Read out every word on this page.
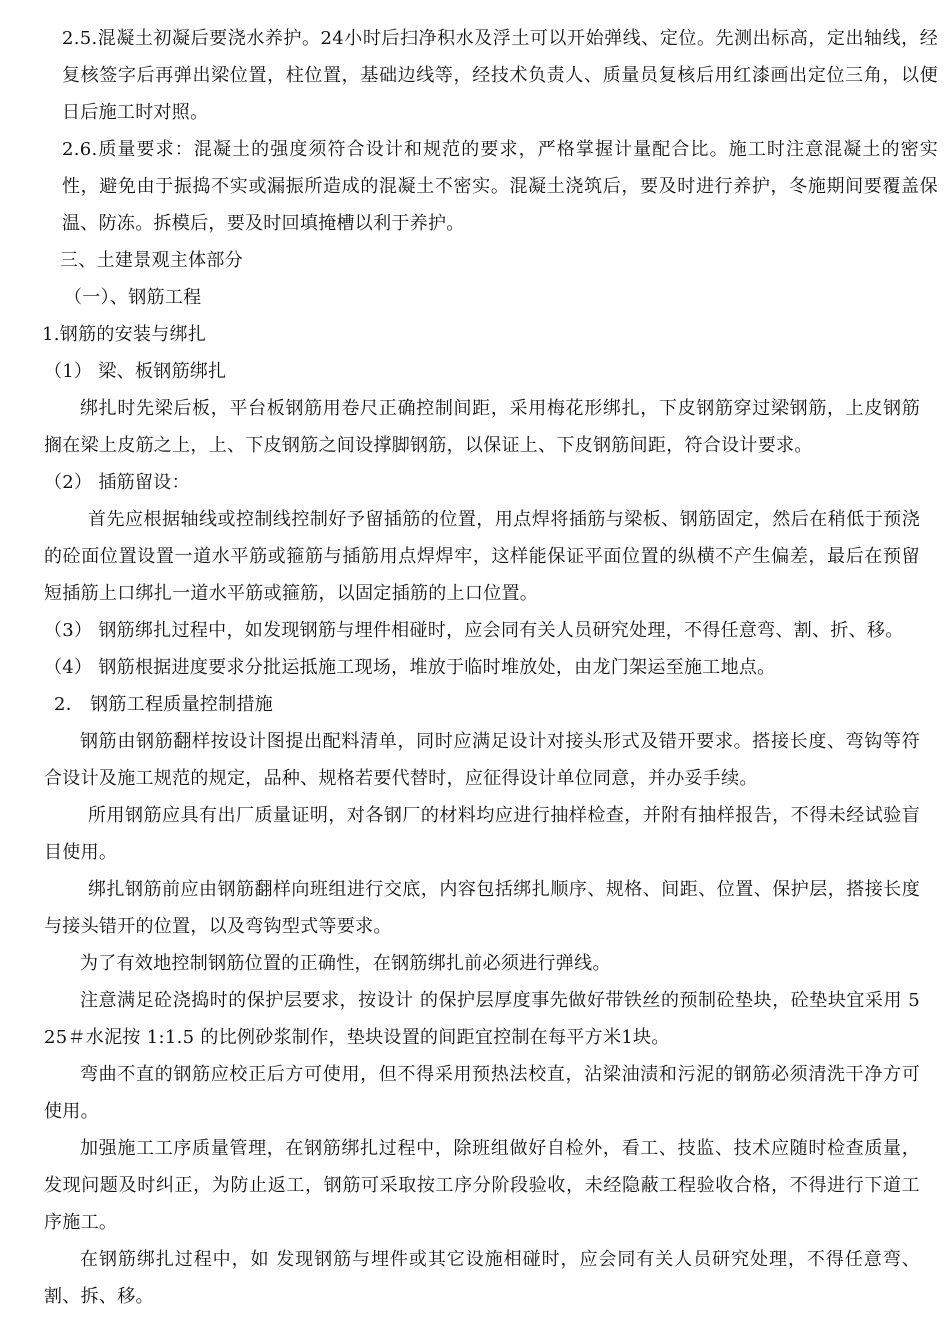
2.5.混凝土初凝后要浇水养护。24小时后扫净积水及浮土可以开始弹线、定位。先测出标高，定出轴线，经复核签字后再弹出梁位置，柱位置，基础边线等，经技术负责人、质量员复核后用红漆画出定位三角，以便日后施工时对照。

2.6.质量要求：混凝土的强度须符合设计和规范的要求，严格掌握计量配合比。施工时注意混凝土的密实性，避免由于振捣不实或漏振所造成的混凝土不密实。混凝土浇筑后，要及时进行养护，冬施期间要覆盖保温、防冻。拆模后，要及时回填掩槽以利于养护。

三、土建景观主体部分

（一）、钢筋工程

1.钢筋的安装与绑扎

（1） 梁、板钢筋绑扎

绑扎时先梁后板，平台板钢筋用卷尺正确控制间距，采用梅花形绑扎，下皮钢筋穿过梁钢筋，上皮钢筋搁在梁上皮筋之上，上、下皮钢筋之间设撑脚钢筋，以保证上、下皮钢筋间距，符合设计要求。

（2） 插筋留设：

首先应根据轴线或控制线控制好予留插筋的位置，用点焊将插筋与梁板、钢筋固定，然后在稍低于预浇的砼面位置设置一道水平筋或箍筋与插筋用点焊焊牢，这样能保证平面位置的纵横不产生偏差，最后在预留短插筋上口绑扎一道水平筋或箍筋，以固定插筋的上口位置。

（3） 钢筋绑扎过程中，如发现钢筋与埋件相碰时，应会同有关人员研究处理，不得任意弯、割、折、移。

（4） 钢筋根据进度要求分批运抵施工现场，堆放于临时堆放处，由龙门架运至施工地点。

2． 钢筋工程质量控制措施

钢筋由钢筋翻样按设计图提出配料清单，同时应满足设计对接头形式及错开要求。搭接长度、弯钩等符合设计及施工规范的规定，品种、规格若要代替时，应征得设计单位同意，并办妥手续。

所用钢筋应具有出厂质量证明，对各钢厂的材料均应进行抽样检查，并附有抽样报告，不得未经试验盲目使用。

绑扎钢筋前应由钢筋翻样向班组进行交底，内容包括绑扎顺序、规格、间距、位置、保护层，搭接长度与接头错开的位置，以及弯钩型式等要求。

为了有效地控制钢筋位置的正确性，在钢筋绑扎前必须进行弹线。

注意满足砼浇捣时的保护层要求，按设计 的保护层厚度事先做好带铁丝的预制砼垫块，砼垫块宜采用 525＃水泥按 1:1.5 的比例砂浆制作，垫块设置的间距宜控制在每平方米1块。

弯曲不直的钢筋应校正后方可使用，但不得采用预热法校直，沾梁油渍和污泥的钢筋必须清洗干净方可使用。

加强施工工序质量管理，在钢筋绑扎过程中，除班组做好自检外，看工、技监、技术应随时检查质量，发现问题及时纠正，为防止返工，钢筋可采取按工序分阶段验收，未经隐蔽工程验收合格，不得进行下道工序施工。

在钢筋绑扎过程中，如 发现钢筋与埋件或其它设施相碰时，应会同有关人员研究处理，不得任意弯、割、拆、移。
